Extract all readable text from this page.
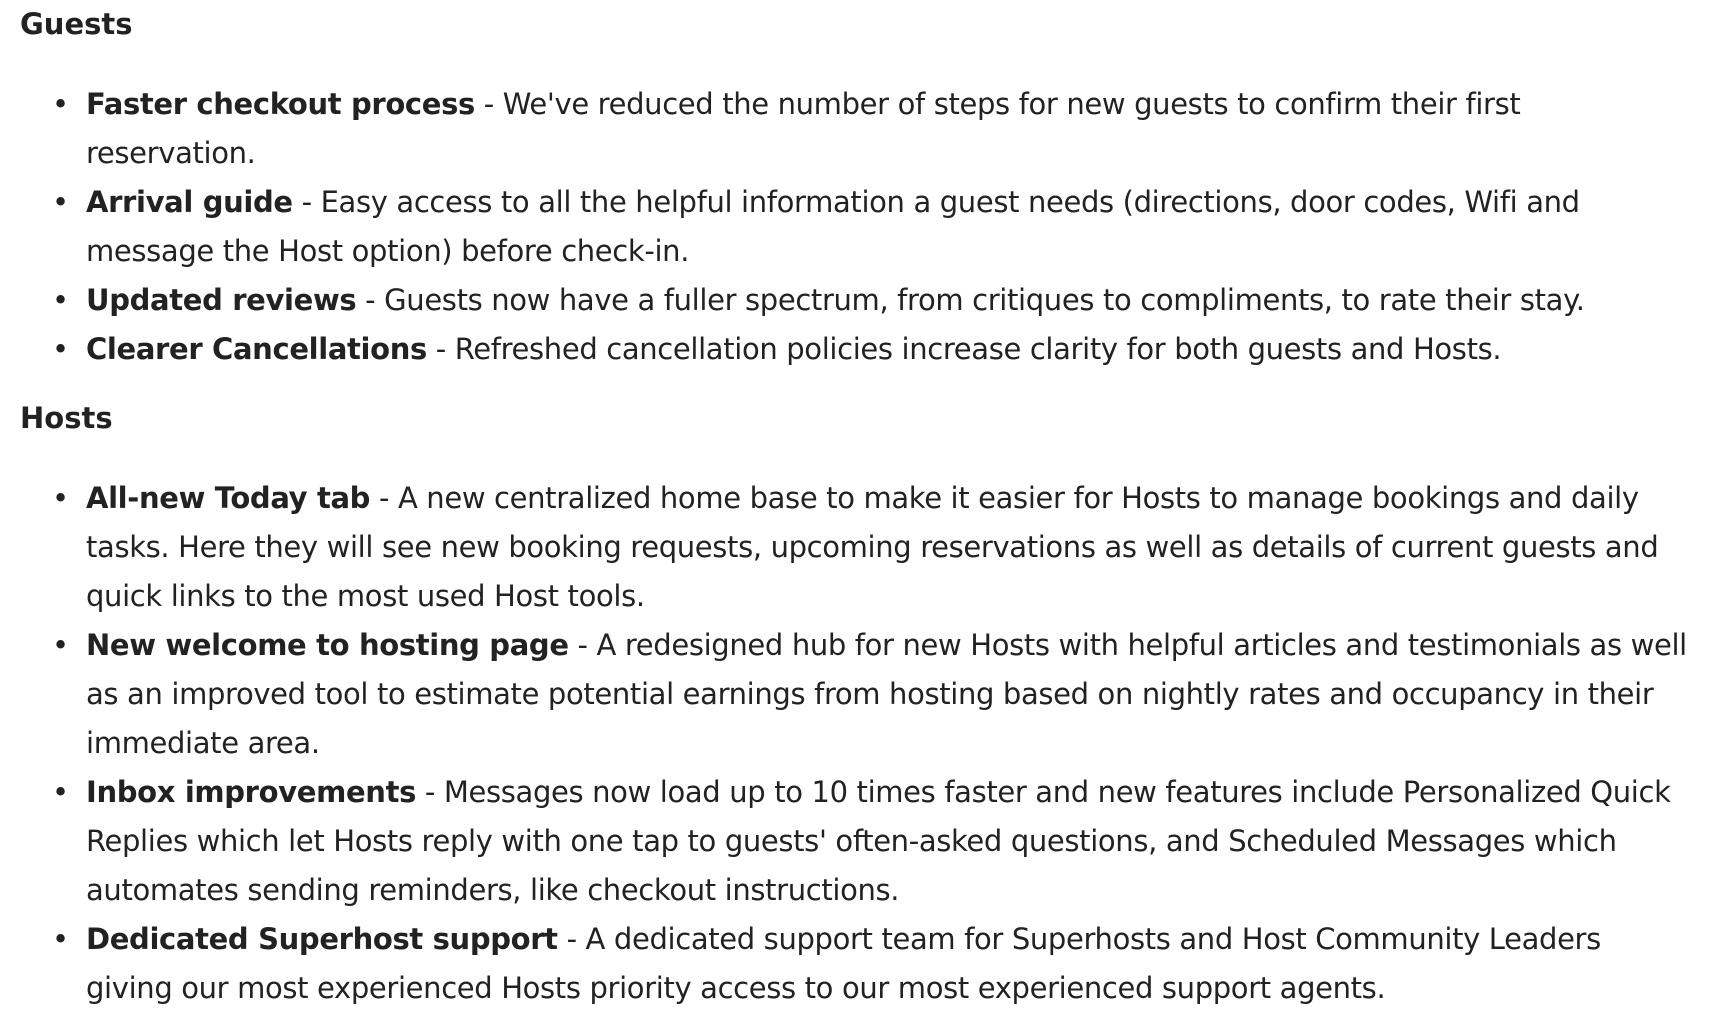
Guests
• Faster checkout process - We've reduced the number of steps for new guests to confirm their first reservation.
• Arrival guide - Easy access to all the helpful information a guest needs (directions, door codes, Wifi and message the Host option) before check-in.
• Updated reviews - Guests now have a fuller spectrum, from critiques to compliments, to rate their stay.
• Clearer Cancellations - Refreshed cancellation policies increase clarity for both guests and Hosts.
Hosts
• All-new Today tab - A new centralized home base to make it easier for Hosts to manage bookings and daily tasks. Here they will see new booking requests, upcoming reservations as well as details of current guests and quick links to the most used Host tools.
• New welcome to hosting page - A redesigned hub for new Hosts with helpful articles and testimonials as well as an improved tool to estimate potential earnings from hosting based on nightly rates and occupancy in their immediate area.
• Inbox improvements - Messages now load up to 10 times faster and new features include Personalized Quick Replies which let Hosts reply with one tap to guests' often-asked questions, and Scheduled Messages which automates sending reminders, like checkout instructions.
• Dedicated Superhost support - A dedicated support team for Superhosts and Host Community Leaders giving our most experienced Hosts priority access to our most experienced support agents.
